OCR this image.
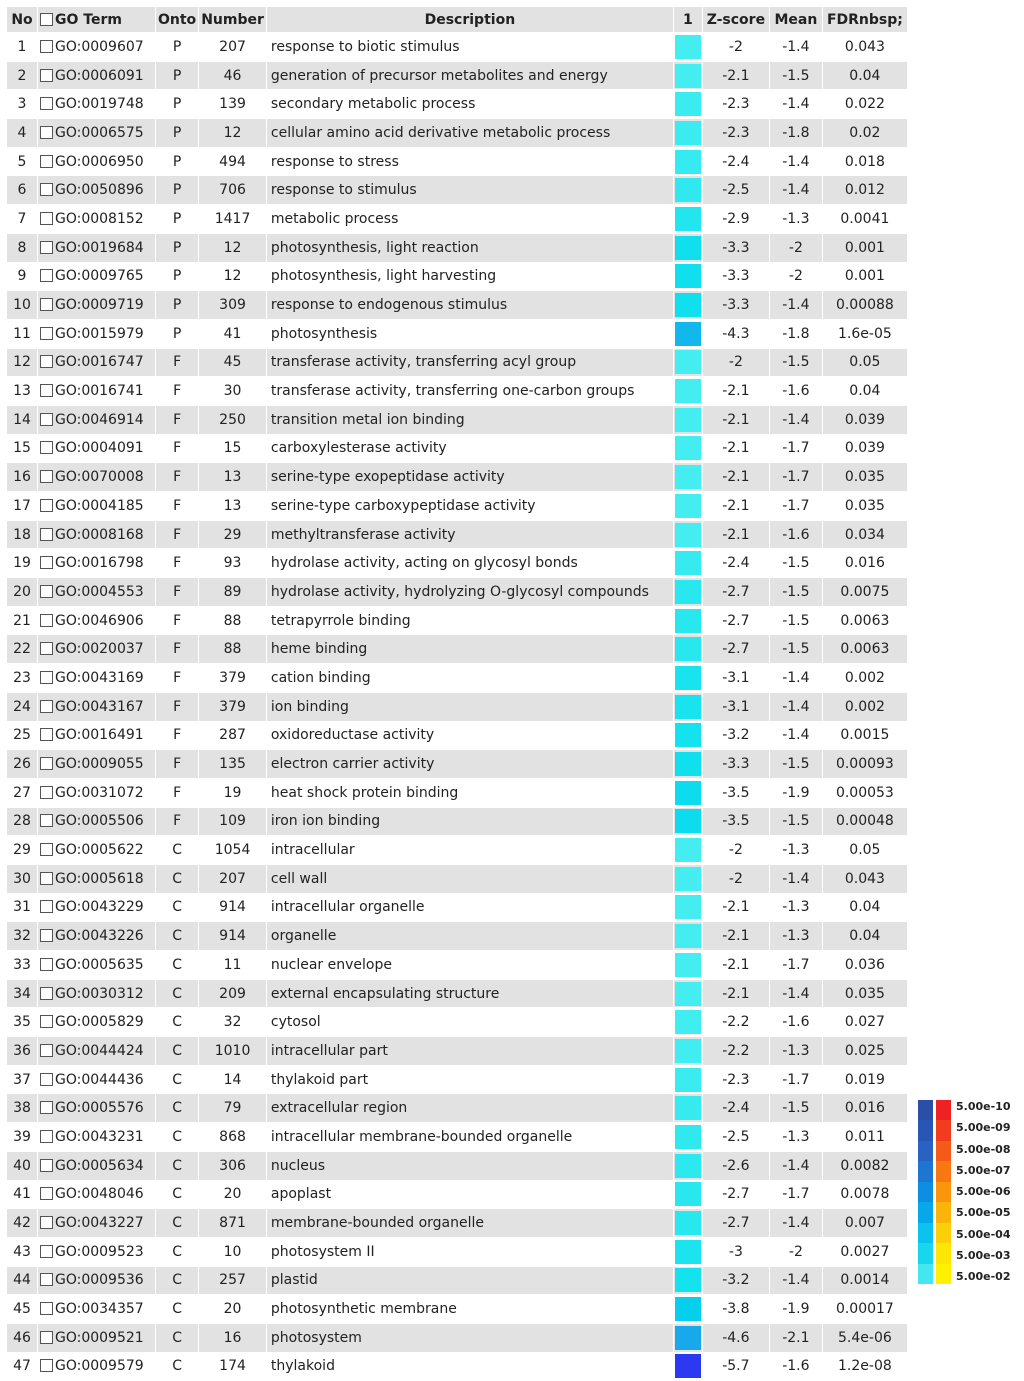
No	GO Term	Onto	Number	Description	1	Z-score	Mean	FDRnbsp;
1	GO:0009607	P	207	response to biotic stimulus		-2	-1.4	0.043
2	GO:0006091	P	46	generation of precursor metabolites and energy		-2.1	-1.5	0.04
3	GO:0019748	P	139	secondary metabolic process		-2.3	-1.4	0.022
4	GO:0006575	P	12	cellular amino acid derivative metabolic process		-2.3	-1.8	0.02
5	GO:0006950	P	494	response to stress		-2.4	-1.4	0.018
6	GO:0050896	P	706	response to stimulus		-2.5	-1.4	0.012
7	GO:0008152	P	1417	metabolic process		-2.9	-1.3	0.0041
8	GO:0019684	P	12	photosynthesis, light reaction		-3.3	-2	0.001
9	GO:0009765	P	12	photosynthesis, light harvesting		-3.3	-2	0.001
10	GO:0009719	P	309	response to endogenous stimulus		-3.3	-1.4	0.00088
11	GO:0015979	P	41	photosynthesis		-4.3	-1.8	1.6e-05
12	GO:0016747	F	45	transferase activity, transferring acyl group		-2	-1.5	0.05
13	GO:0016741	F	30	transferase activity, transferring one-carbon groups		-2.1	-1.6	0.04
14	GO:0046914	F	250	transition metal ion binding		-2.1	-1.4	0.039
15	GO:0004091	F	15	carboxylesterase activity		-2.1	-1.7	0.039
16	GO:0070008	F	13	serine-type exopeptidase activity		-2.1	-1.7	0.035
17	GO:0004185	F	13	serine-type carboxypeptidase activity		-2.1	-1.7	0.035
18	GO:0008168	F	29	methyltransferase activity		-2.1	-1.6	0.034
19	GO:0016798	F	93	hydrolase activity, acting on glycosyl bonds		-2.4	-1.5	0.016
20	GO:0004553	F	89	hydrolase activity, hydrolyzing O-glycosyl compounds		-2.7	-1.5	0.0075
21	GO:0046906	F	88	tetrapyrrole binding		-2.7	-1.5	0.0063
22	GO:0020037	F	88	heme binding		-2.7	-1.5	0.0063
23	GO:0043169	F	379	cation binding		-3.1	-1.4	0.002
24	GO:0043167	F	379	ion binding		-3.1	-1.4	0.002
25	GO:0016491	F	287	oxidoreductase activity		-3.2	-1.4	0.0015
26	GO:0009055	F	135	electron carrier activity		-3.3	-1.5	0.00093
27	GO:0031072	F	19	heat shock protein binding		-3.5	-1.9	0.00053
28	GO:0005506	F	109	iron ion binding		-3.5	-1.5	0.00048
29	GO:0005622	C	1054	intracellular		-2	-1.3	0.05
30	GO:0005618	C	207	cell wall		-2	-1.4	0.043
31	GO:0043229	C	914	intracellular organelle		-2.1	-1.3	0.04
32	GO:0043226	C	914	organelle		-2.1	-1.3	0.04
33	GO:0005635	C	11	nuclear envelope		-2.1	-1.7	0.036
34	GO:0030312	C	209	external encapsulating structure		-2.1	-1.4	0.035
35	GO:0005829	C	32	cytosol		-2.2	-1.6	0.027
36	GO:0044424	C	1010	intracellular part		-2.2	-1.3	0.025
37	GO:0044436	C	14	thylakoid part		-2.3	-1.7	0.019
38	GO:0005576	C	79	extracellular region		-2.4	-1.5	0.016
39	GO:0043231	C	868	intracellular membrane-bounded organelle		-2.5	-1.3	0.011
40	GO:0005634	C	306	nucleus		-2.6	-1.4	0.0082
41	GO:0048046	C	20	apoplast		-2.7	-1.7	0.0078
42	GO:0043227	C	871	membrane-bounded organelle		-2.7	-1.4	0.007
43	GO:0009523	C	10	photosystem II		-3	-2	0.0027
44	GO:0009536	C	257	plastid		-3.2	-1.4	0.0014
45	GO:0034357	C	20	photosynthetic membrane		-3.8	-1.9	0.00017
46	GO:0009521	C	16	photosystem		-4.6	-2.1	5.4e-06
47	GO:0009579	C	174	thylakoid		-5.7	-1.6	1.2e-08
5.00e-10
5.00e-09
5.00e-08
5.00e-07
5.00e-06
5.00e-05
5.00e-04
5.00e-03
5.00e-02
